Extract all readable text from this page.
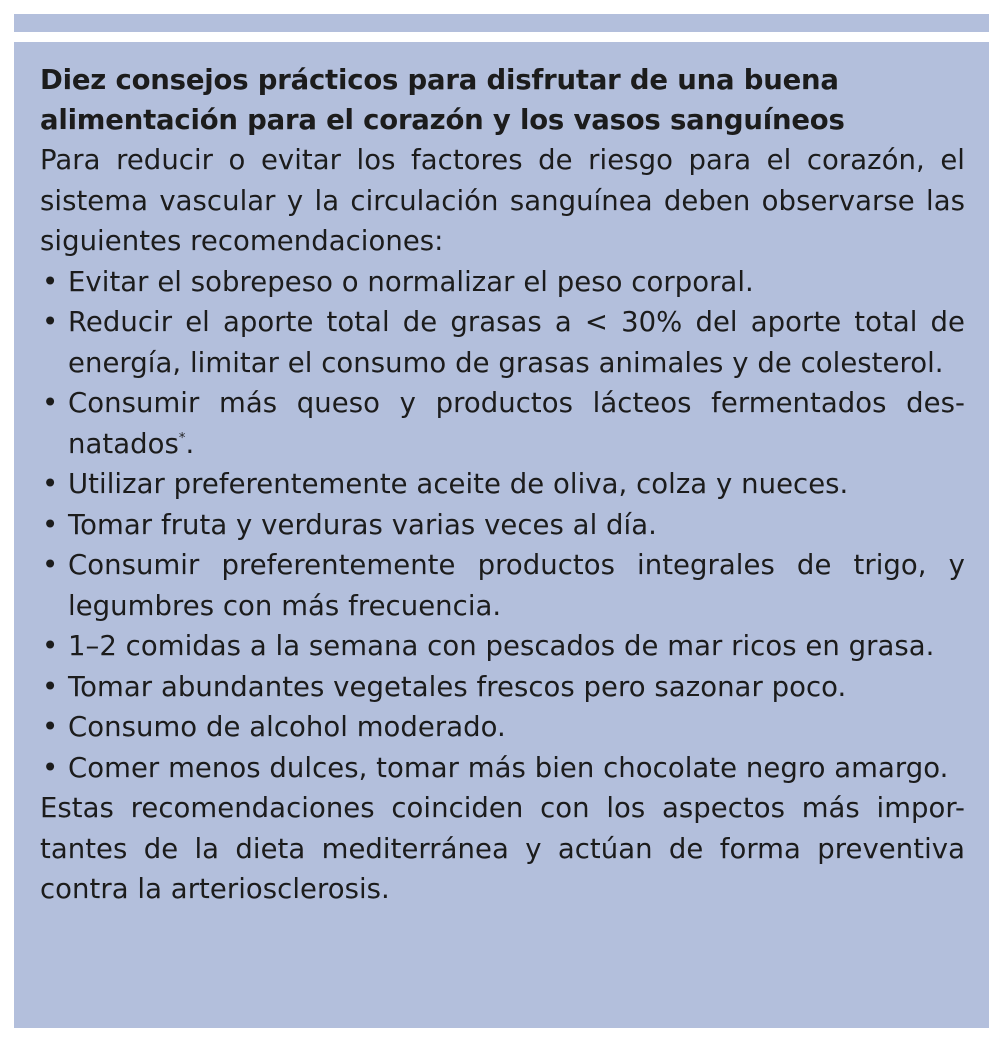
Diez consejos prácticos para disfrutar de una buena
alimentación para el corazón y los vasos sanguíneos

Para reducir o evitar los factores de riesgo para el corazón, el sistema vascular y la circulación sanguínea deben observarse las siguientes recomendaciones:

• Evitar el sobrepeso o normalizar el peso corporal.
• Reducir el aporte total de grasas a < 30% del aporte total de energía, limitar el consumo de grasas animales y de colesterol.
• Consumir más queso y productos lácteos fermentados des-natados*.
• Utilizar preferentemente aceite de oliva, colza y nueces.
• Tomar fruta y verduras varias veces al día.
• Consumir preferentemente productos integrales de trigo, y legumbres con más frecuencia.
• 1–2 comidas a la semana con pescados de mar ricos en grasa.
• Tomar abundantes vegetales frescos pero sazonar poco.
• Consumo de alcohol moderado.
• Comer menos dulces, tomar más bien chocolate negro amargo.

Estas recomendaciones coinciden con los aspectos más impor-tantes de la dieta mediterránea y actúan de forma preventiva contra la arteriosclerosis.
